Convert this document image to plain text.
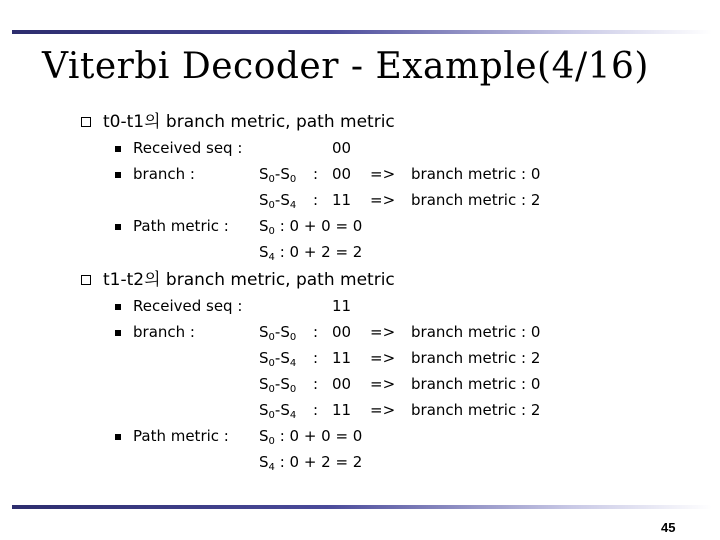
Viterbi Decoder - Example(4/16)
t0-t1의 branch metric, path metric
Received seq :	00
branch :	$S_0-S_0$ : 00 => branch metric : 0
$S_0-S_4$ : 11 => branch metric : 2
Path metric : $S_0$ : 0 + 0 = 0
$S_4$ : 0 + 2 = 2
t1-t2의 branch metric, path metric
Received seq :	11
branch :	$S_0-S_0$ : 00 => branch metric : 0
$S_0-S_4$ : 11 => branch metric : 2
$S_0-S_0$ : 00 => branch metric : 0
$S_0-S_4$ : 11 => branch metric : 2
Path metric : $S_0$ : 0 + 0 = 0
$S_4$ : 0 + 2 = 2
45
